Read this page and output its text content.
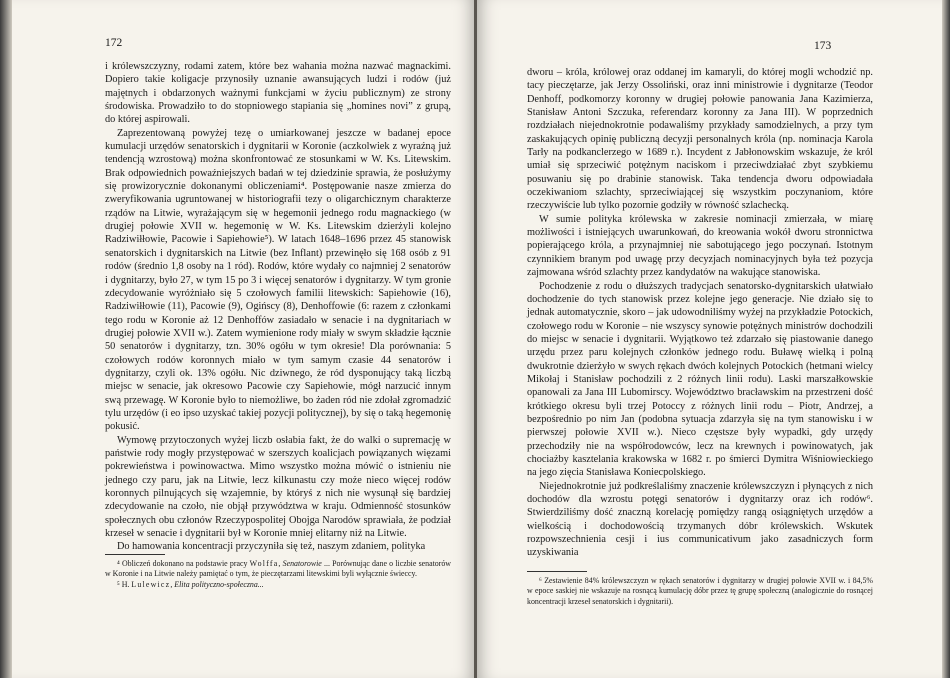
172

i królewszczyzny, rodami zatem, które bez wahania można nazwać magnackimi. Dopiero takie koligacje przynosiły uznanie awansujących ludzi i rodów (już majętnych i obdarzonych ważnymi funkcjami w życiu publicznym) ze strony środowiska. Prowadziło to do stopniowego stapiania się „homines novi” z grupą, do której aspirowali.

Zaprezentowaną powyżej tezę o umiarkowanej jeszcze w badanej epoce kumulacji urzędów senatorskich i dygnitarii w Koronie (aczkolwiek z wyraźną już tendencją wzrostową) można skonfrontować ze stosunkami w W. Ks. Litewskim. Brak odpowiednich powaźniejszych badań w tej dziedzinie sprawia, że posłużymy się prowizorycznie dokonanymi obliczeniami⁴. Postępowanie nasze zmierza do zweryfikowania ugruntowanej w historiografii tezy o oligarchicznym charakterze rządów na Litwie, wyrażającym się w hegemonii jednego rodu magnackiego (w drugiej połowie XVII w. hegemonię w W. Ks. Litewskim dzierżyli kolejno Radziwiłłowie, Pacowie i Sapiehowie⁵). W latach 1648–1696 przez 45 stanowisk senatorskich i dygnitarskich na Litwie (bez Inflant) przewinęło się 168 osób z 91 rodów (średnio 1,8 osoby na 1 ród). Rodów, które wydały co najmniej 2 senatorów i dygnitarzy, było 27, w tym 15 po 3 i więcej senatorów i dygnitarzy. W tym gronie zdecydowanie wyróżniało się 5 czołowych familii litewskich: Sapiehowie (16), Radziwiłłowie (11), Pacowie (9), Ogińscy (8), Denhoffowie (6: razem z członkami tego rodu w Koronie aż 12 Denhoffów zasiadało w senacie i na dygnitariach w drugiej połowie XVII w.). Zatem wymienione rody miały w swym składzie łącznie 50 senatorów i dygnitarzy, tzn. 30% ogółu w tym okresie! Dla porównania: 5 czołowych rodów koronnych miało w tym samym czasie 44 senatorów i dygnitarzy, czyli ok. 13% ogółu. Nic dziwnego, że ród dysponujący taką liczbą miejsc w senacie, jak okresowo Pacowie czy Sapiehowie, mógł narzucić innym swą przewagę. W Koronie było to niemożliwe, bo żaden ród nie zdołał zgromadzić tylu urzędów (i eo ipso uzyskać takiej pozycji politycznej), by się o taką hegemonię pokusić.

Wymowę przytoczonych wyżej liczb osłabia fakt, że do walki o supremację w państwie rody mogły przystępować w szerszych koalicjach powiązanych więzami pokrewieństwa i powinowactwa. Mimo wszystko można mówić o istnieniu nie jednego czy paru, jak na Litwie, lecz kilkunastu czy może nieco więcej rodów koronnych pilnujących się wzajemnie, by któryś z nich nie wysunął się bardziej zdecydowanie na czoło, nie objął przywództwa w kraju. Odmienność stosunków społecznych obu członów Rzeczypospolitej Obojga Narodów sprawiała, że podział krzeseł w senacie i dygnitarii był w Koronie mniej elitarny niż na Litwie.

Do hamowania koncentracji przyczyniła się też, naszym zdaniem, polityka

⁴ Obliczeń dokonano na podstawie pracy Wolffa, Senatorowie ... Porównując dane o liczbie senatorów w Koronie i na Litwie należy pamiętać o tym, że pieczętarzami litewskimi byli wyłącznie świeccy.

⁵ H. Lulewicz, Elita polityczno-społeczna...

173

dworu – króla, królowej oraz oddanej im kamaryli, do której mogli wchodzić np. tacy pieczętarze, jak Jerzy Ossoliński, oraz inni ministrowie i dygnitarze (Teodor Denhoff, podkomorzy koronny w drugiej połowie panowania Jana Kazimierza, Stanisław Antoni Szczuka, referendarz koronny za Jana III). W poprzednich rozdziałach niejednokrotnie podawaliśmy przykłady samodzielnych, a przy tym zaskakujących opinię publiczną decyzji personalnych króla (np. nominacja Karola Tarły na podkanclerzego w 1689 r.). Incydent z Jabłonowskim wskazuje, że król umiał się sprzeciwić potężnym naciskom i przeciwdziałać zbyt szybkiemu posuwaniu się po drabinie stanowisk. Taka tendencja dworu odpowiadała oczekiwaniom szlachty, sprzeciwiającej się wszystkim poczynaniom, które rzeczywiście lub tylko pozornie godziły w równość szlachecką.

W sumie polityka królewska w zakresie nominacji zmierzała, w miarę możliwości i istniejących uwarunkowań, do kreowania wokół dworu stronnictwa popierającego króla, a przynajmniej nie sabotującego jego poczynań. Istotnym czynnikiem branym pod uwagę przy decyzjach nominacyjnych była też pozycja zajmowana wśród szlachty przez kandydatów na wakujące stanowiska.

Pochodzenie z rodu o dłuższych tradycjach senatorsko-dygnitarskich ułatwiało dochodzenie do tych stanowisk przez kolejne jego generacje. Nie działo się to jednak automatycznie, skoro – jak udowodniliśmy wyżej na przykładzie Potockich, czołowego rodu w Koronie – nie wszyscy synowie potężnych ministrów dochodzili do miejsc w senacie i dygnitarii. Wyjątkowo też zdarzało się piastowanie danego urzędu przez paru kolejnych członków jednego rodu. Buławę wielką i polną dwukrotnie dzierżyło w swych rękach dwóch kolejnych Potockich (hetmani wielcy Mikołaj i Stanisław pochodzili z 2 różnych linii rodu). Laski marszałkowskie opanowali za Jana III Lubomirscy. Województwo bracławskim na przestrzeni dość krótkiego okresu byli trzej Potoccy z różnych linii rodu – Piotr, Andrzej, a bezpośrednio po nim Jan (podobna sytuacja zdarzyła się na tym stanowisku i w pierwszej połowie XVII w.). Nieco częstsze były wypadki, gdy urzędy przechodziły nie na współrodowców, lecz na krewnych i powinowatych, jak chociażby kasztelania krakowska w 1682 r. po śmierci Dymitra Wiśniowieckiego na jego zięcia Stanisława Koniecpolskiego.

Niejednokrotnie już podkreślaliśmy znaczenie królewszczyzn i płynących z nich dochodów dla wzrostu potęgi senatorów i dygnitarzy oraz ich rodów⁶. Stwierdziliśmy dość znaczną korelację pomiędzy rangą osiągniętych urzędów a wielkością i dochodowością trzymanych dóbr królewskich. Wskutek rozpowszechnienia cesji i ius communicativum jako zasadniczych form uzyskiwania

⁶ Zestawienie 84% królewszczyzn w rękach senatorów i dygnitarzy w drugiej połowie XVII w. i 84,5% w epoce saskiej nie wskazuje na rosnącą kumulację dóbr przez tę grupę społeczną (analogicznie do rosnącej koncentracji krzeseł senatorskich i dygnitarii).
